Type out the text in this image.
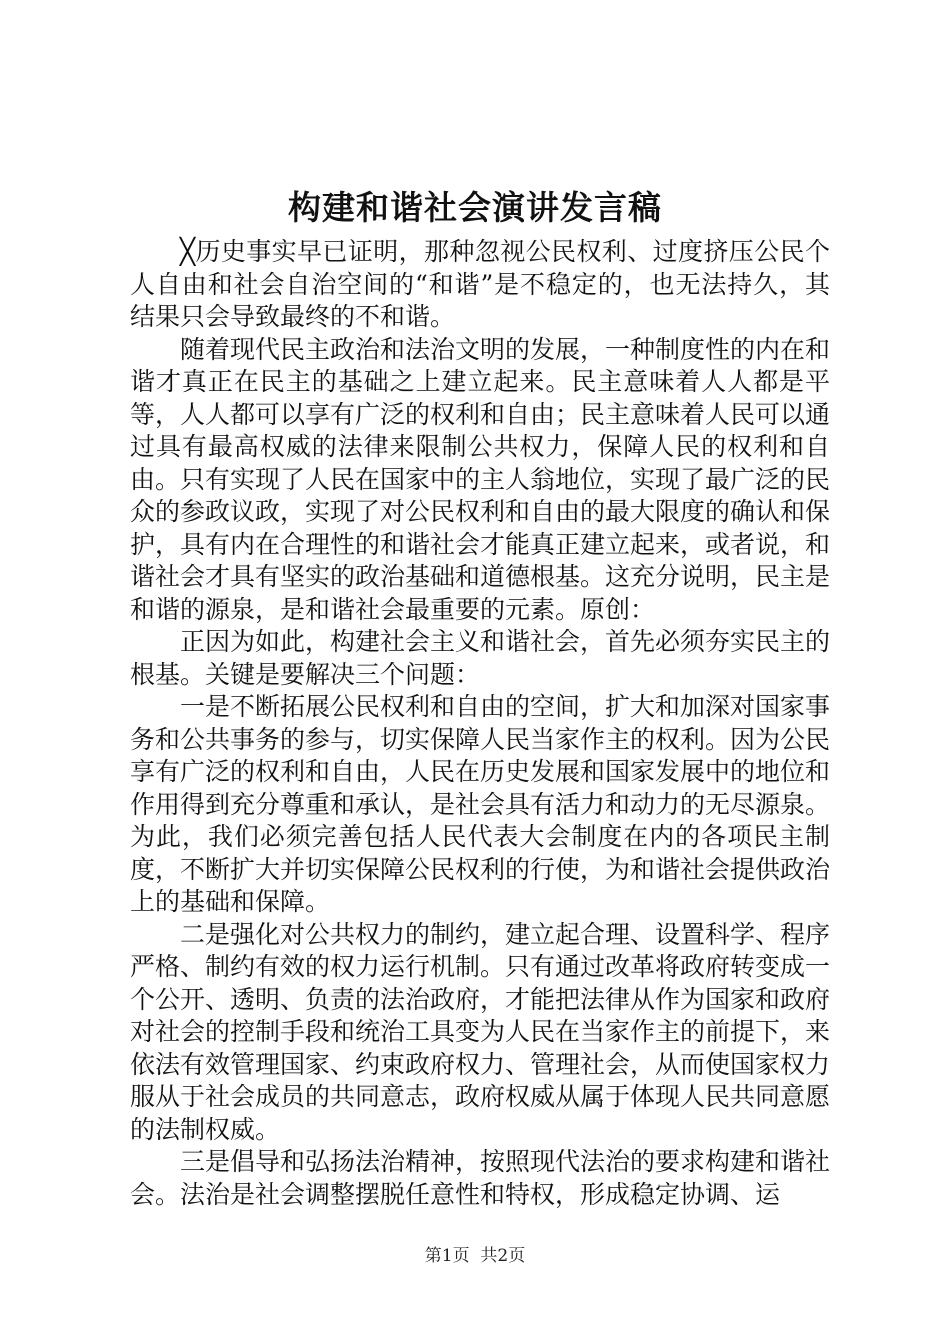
构建和谐社会演讲发言稿

╳历史事实早已证明，那种忽视公民权利、过度挤压公民个人自由和社会自治空间的“和谐”是不稳定的，也无法持久，其结果只会导致最终的不和谐。

随着现代民主政治和法治文明的发展，一种制度性的内在和谐才真正在民主的基础之上建立起来。民主意味着人人都是平等，人人都可以享有广泛的权利和自由；民主意味着人民可以通过具有最高权威的法律来限制公共权力，保障人民的权利和自由。只有实现了人民在国家中的主人翁地位，实现了最广泛的民众的参政议政，实现了对公民权利和自由的最大限度的确认和保护，具有内在合理性的和谐社会才能真正建立起来，或者说，和谐社会才具有坚实的政治基础和道德根基。这充分说明，民主是和谐的源泉，是和谐社会最重要的元素。原创：

正因为如此，构建社会主义和谐社会，首先必须夯实民主的根基。关键是要解决三个问题：

一是不断拓展公民权利和自由的空间，扩大和加深对国家事务和公共事务的参与，切实保障人民当家作主的权利。因为公民享有广泛的权利和自由，人民在历史发展和国家发展中的地位和作用得到充分尊重和承认，是社会具有活力和动力的无尽源泉。为此，我们必须完善包括人民代表大会制度在内的各项民主制度，不断扩大并切实保障公民权利的行使，为和谐社会提供政治上的基础和保障。

二是强化对公共权力的制约，建立起合理、设置科学、程序严格、制约有效的权力运行机制。只有通过改革将政府转变成一个公开、透明、负责的法治政府，才能把法律从作为国家和政府对社会的控制手段和统治工具变为人民在当家作主的前提下，来依法有效管理国家、约束政府权力、管理社会，从而使国家权力服从于社会成员的共同意志，政府权威从属于体现人民共同意愿的法制权威。

三是倡导和弘扬法治精神，按照现代法治的要求构建和谐社会。法治是社会调整摆脱任意性和特权，形成稳定协调、运

第1页  共2页
